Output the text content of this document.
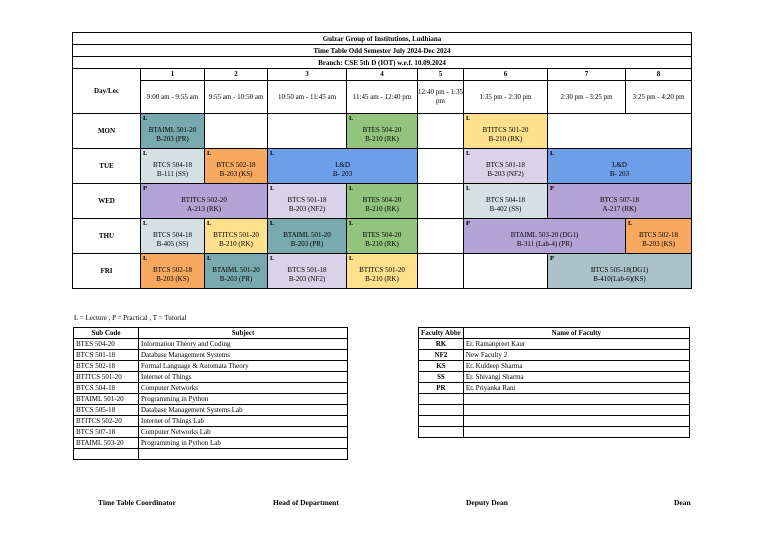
Gulzar Group of Institutions, Ludhiana								
Time Table Odd Semester July 2024-Dec 2024								
Branch: CSE 5th D (IOT) w.e.f. 10.09.2024								
Day/Lec	1	2	3	4	5	6	7	8
	9:00 am - 9:55 am	9:55 am - 10:50 am	10:50 am - 11:45 am	11:45 am - 12:40 pm	12:40 pm - 1:35 pm	1:35 pm - 2:30 pm	2:30 pm - 3:25 pm	3:25 pm - 4:20 pm
MON	L
BTAIML 501-20
B-203 (PR)			L
BTES 504-20
B-210 (RK)		L
BTITCS 501-20
B-210 (RK)		

TUE	L
BTCS 504-18
B-111 (SS)	L
BTCS 502-18
B-203 (KS)	L
L&D
B- 203			L
BTCS 501-18
B-203 (NF2)	L
L&D
B- 203	

WED	P
BTITCS 502-20
A-213 (RK)		L
BTCS 501-18
B-203 (NF2)	L
BTES 504-20
B-210 (RK)		L
BTCS 504-18
B-402 (SS)	P
BTCS 507-18
A-217 (RK)	

THU	L
BTCS 504-18
B-405 (SS)	L
BTITCS 501-20
B-210 (RK)	L
BTAIML 501-20
B-203 (PR)	L
BTES 504-20
B-210 (RK)		P
BTAIML 503-20 (DG1)
B-311 (Lab-4) (PR)		L
BTCS 502-18
B-203 (KS)

FRI	L
BTCS 502-18
B-203 (KS)	L
BTAIML 501-20
B-203 (PR)	L
BTCS 501-18
B-203 (NF2)	L
BTITCS 501-20
B-210 (RK)			P
BTCS 505-18(DG1)
B-410(Lab-6)(KS)	
L = Lecture , P = Practical , T = Tutorial
Sub Code	Subject
BTES 504-20	Information Theory and Coding
BTCS 501-18	Database Management Systems
BTCS 502-18	Formal Language & Automata Theory
BTITCS 501-20	Internet of Things
BTCS 504-18	Computer Networks
BTAIML 501-20	Programming in Python
BTCS 505-18	Database Management Systems Lab
BTITCS 502-20	Internet of Things Lab
BTCS 507-18	Computer Networks Lab
BTAIML 503-20	Programming in Python Lab

Faculty Abbr	Name of Faculty
RK	Er. Ramanpreet Kaur
NF2	New Faculty 2
KS	Er. Kuldeep Sharma
SS	Er. Shivangi Sharma
PR	Er. Priyanka Rani

Time Table Coordinator	Head of Department	Deputy Dean	Dean
